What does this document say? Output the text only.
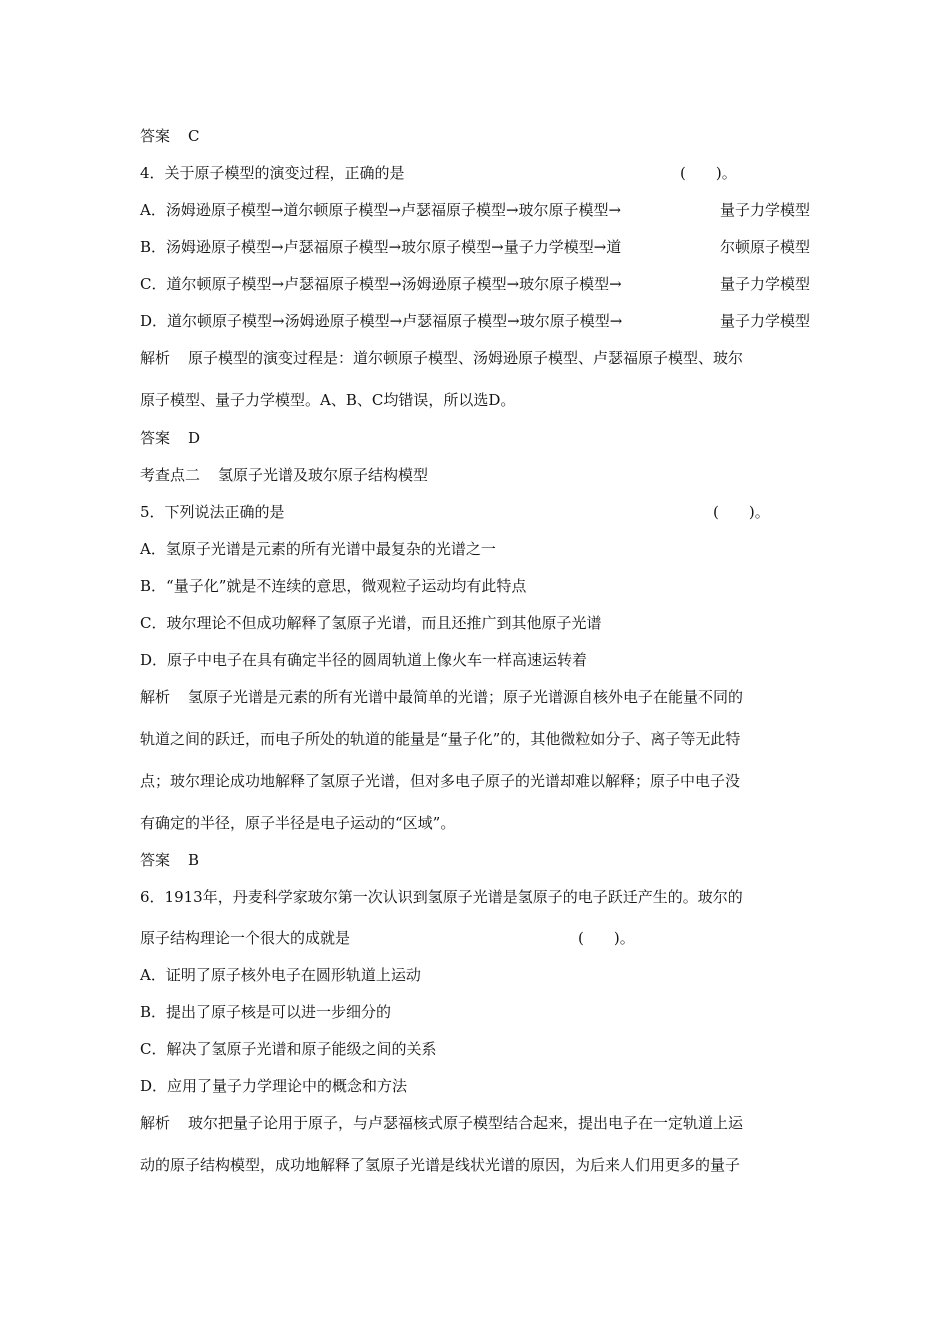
答案 C
4．关于原子模型的演变过程，正确的是	(　　)。
A．汤姆逊原子模型→道尔顿原子模型→卢瑟福原子模型→玻尔原子模型→	量子力学模型
B．汤姆逊原子模型→卢瑟福原子模型→玻尔原子模型→量子力学模型→道	尔顿原子模型
C．道尔顿原子模型→卢瑟福原子模型→汤姆逊原子模型→玻尔原子模型→	量子力学模型
D．道尔顿原子模型→汤姆逊原子模型→卢瑟福原子模型→玻尔原子模型→	量子力学模型
解析 原子模型的演变过程是：道尔顿原子模型、汤姆逊原子模型、卢瑟福原子模型、玻尔
原子模型、量子力学模型。A、B、C均错误，所以选D。
答案 D
考查点二 氢原子光谱及玻尔原子结构模型
5．下列说法正确的是	(　　)。
A．氢原子光谱是元素的所有光谱中最复杂的光谱之一
B．“量子化”就是不连续的意思，微观粒子运动均有此特点
C．玻尔理论不但成功解释了氢原子光谱，而且还推广到其他原子光谱
D．原子中电子在具有确定半径的圆周轨道上像火车一样高速运转着
解析 氢原子光谱是元素的所有光谱中最简单的光谱；原子光谱源自核外电子在能量不同的
轨道之间的跃迁，而电子所处的轨道的能量是“量子化”的，其他微粒如分子、离子等无此特
点；玻尔理论成功地解释了氢原子光谱，但对多电子原子的光谱却难以解释；原子中电子没
有确定的半径，原子半径是电子运动的“区域”。
答案 B
6．1913年，丹麦科学家玻尔第一次认识到氢原子光谱是氢原子的电子跃迁产生的。玻尔的
原子结构理论一个很大的成就是	(　　)。
A．证明了原子核外电子在圆形轨道上运动
B．提出了原子核是可以进一步细分的
C．解决了氢原子光谱和原子能级之间的关系
D．应用了量子力学理论中的概念和方法
解析 玻尔把量子论用于原子，与卢瑟福核式原子模型结合起来，提出电子在一定轨道上运
动的原子结构模型，成功地解释了氢原子光谱是线状光谱的原因，为后来人们用更多的量子
